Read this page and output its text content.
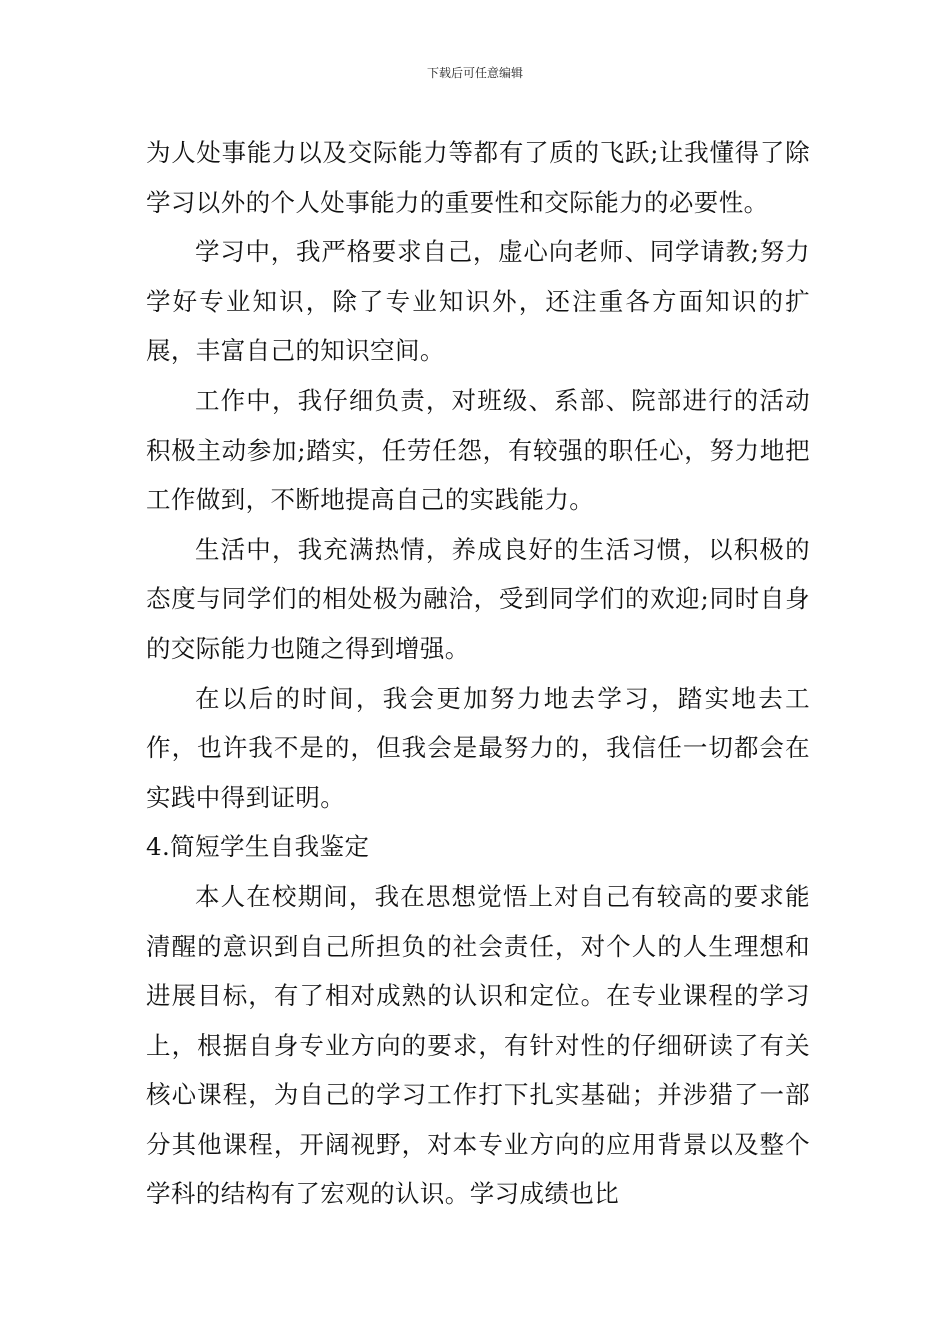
下载后可任意编辑

为人处事能力以及交际能力等都有了质的飞跃;让我懂得了除学习以外的个人处事能力的重要性和交际能力的必要性。

学习中，我严格要求自己，虚心向老师、同学请教;努力学好专业知识，除了专业知识外，还注重各方面知识的扩展，丰富自己的知识空间。

工作中，我仔细负责，对班级、系部、院部进行的活动积极主动参加;踏实，任劳任怨，有较强的职任心，努力地把工作做到，不断地提高自己的实践能力。

生活中，我充满热情，养成良好的生活习惯，以积极的态度与同学们的相处极为融洽，受到同学们的欢迎;同时自身的交际能力也随之得到增强。

在以后的时间，我会更加努力地去学习，踏实地去工作，也许我不是的，但我会是最努力的，我信任一切都会在实践中得到证明。

4.简短学生自我鉴定

本人在校期间，我在思想觉悟上对自己有较高的要求能清醒的意识到自己所担负的社会责任，对个人的人生理想和进展目标，有了相对成熟的认识和定位。在专业课程的学习上，根据自身专业方向的要求，有针对性的仔细研读了有关核心课程，为自己的学习工作打下扎实基础；并涉猎了一部分其他课程，开阔视野，对本专业方向的应用背景以及整个学科的结构有了宏观的认识。学习成绩也比
